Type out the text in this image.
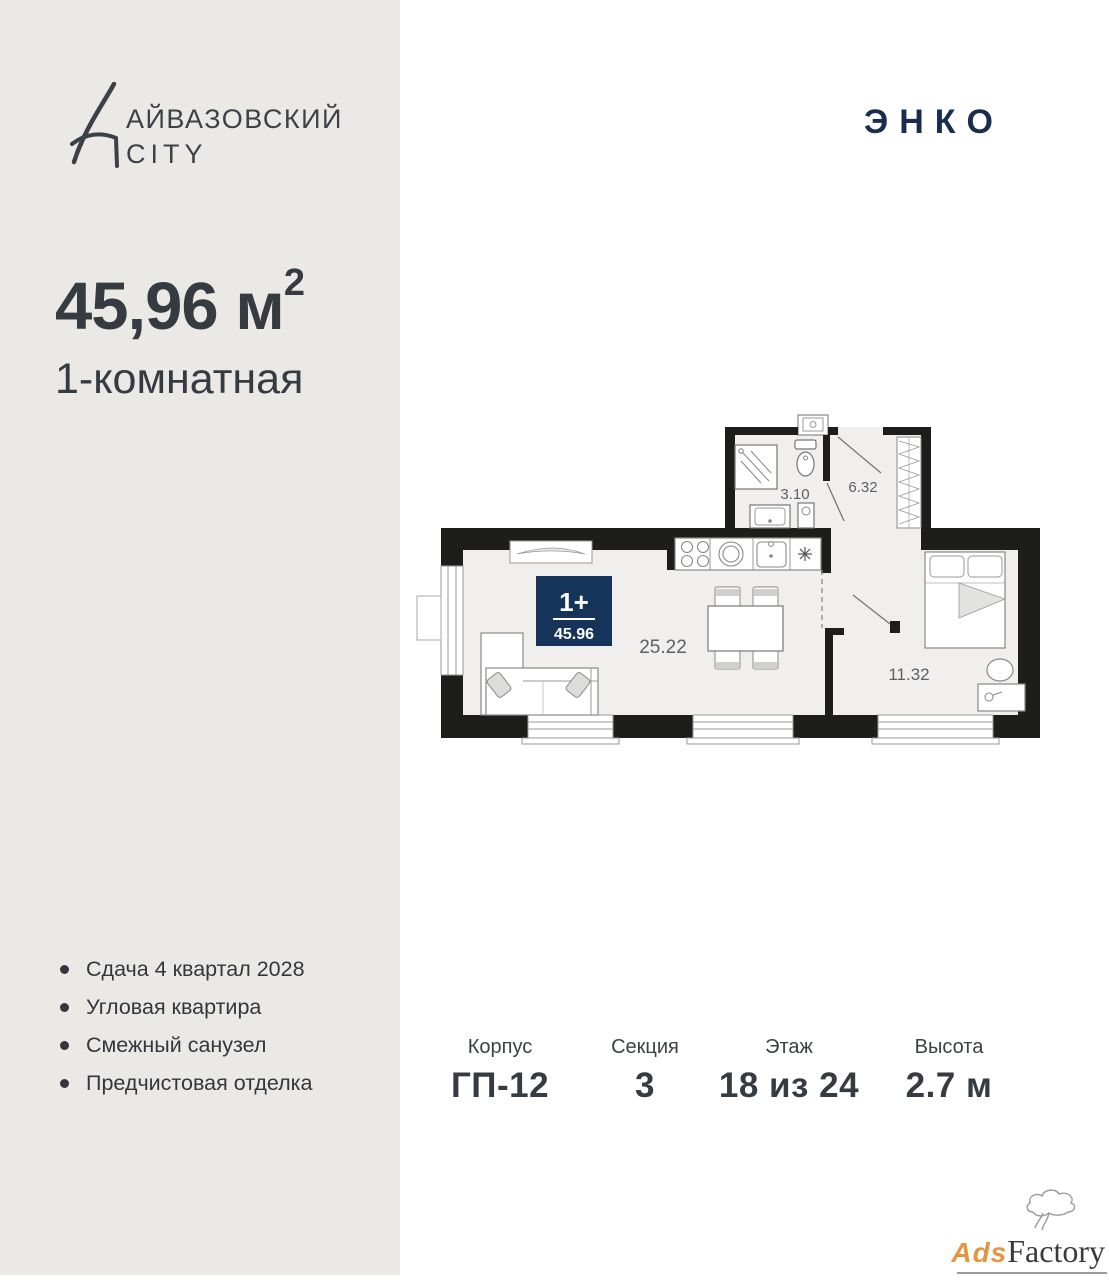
АЙВАЗОВСКИЙ
CITY
ЭНКО
45,96 $м^2$
1-комнатная
Сдача 4 квартал 2028
Угловая квартира
Смежный санузел
Предчистовая отделка
1+
45.96
25.22
3.10	6.32
11.32
Корпус
ГП-12
Секция
3
Этаж
18 из 24
Высота
2.7 м
AdsFactory
